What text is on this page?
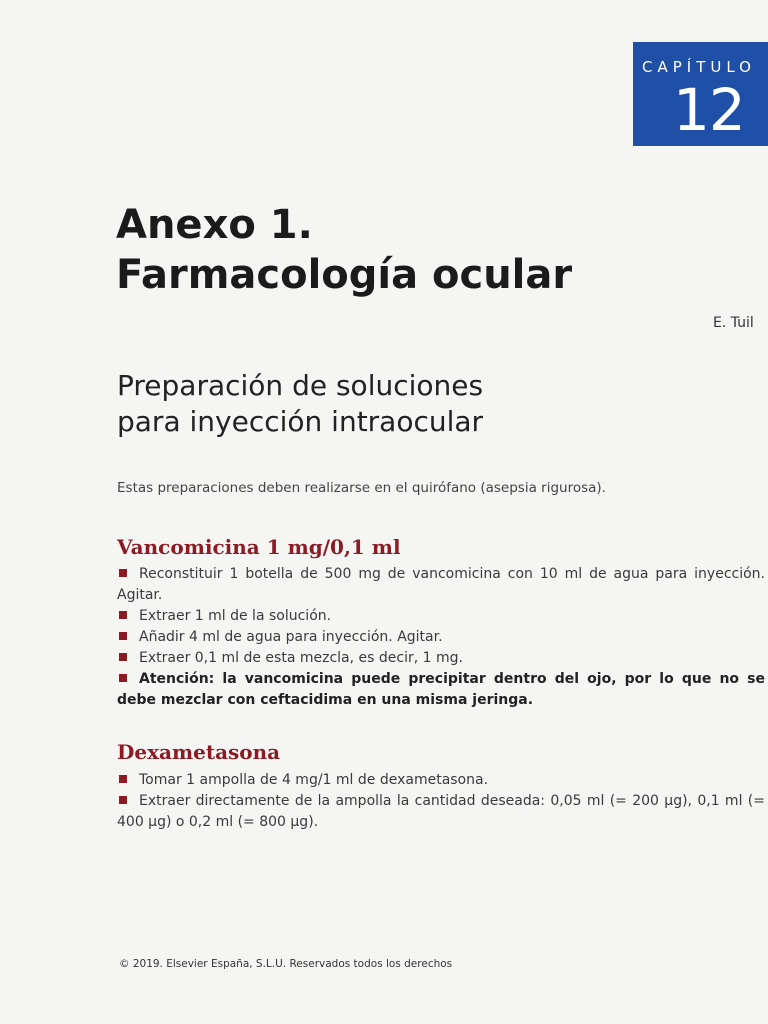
CAPÍTULO
12
Anexo 1.
Farmacología ocular
E. Tuil
Preparación de soluciones
para inyección intraocular

Estas preparaciones deben realizarse en el quirófano (asepsia rigurosa).

Vancomicina 1 mg/0,1 ml
Reconstituir 1 botella de 500 mg de vancomicina con 10 ml de agua para inyección. Agitar.
Extraer 1 ml de la solución.
Añadir 4 ml de agua para inyección. Agitar.
Extraer 0,1 ml de esta mezcla, es decir, 1 mg.
Atención: la vancomicina puede precipitar dentro del ojo, por lo que no se debe mezclar con ceftacidima en una misma jeringa.
Dexametasona
Tomar 1 ampolla de 4 mg/1 ml de dexametasona.
Extraer directamente de la ampolla la cantidad deseada: 0,05 ml (= 200 µg), 0,1 ml (= 400 µg) o 0,2 ml (= 800 µg).
© 2019. Elsevier España, S.L.U. Reservados todos los derechos
